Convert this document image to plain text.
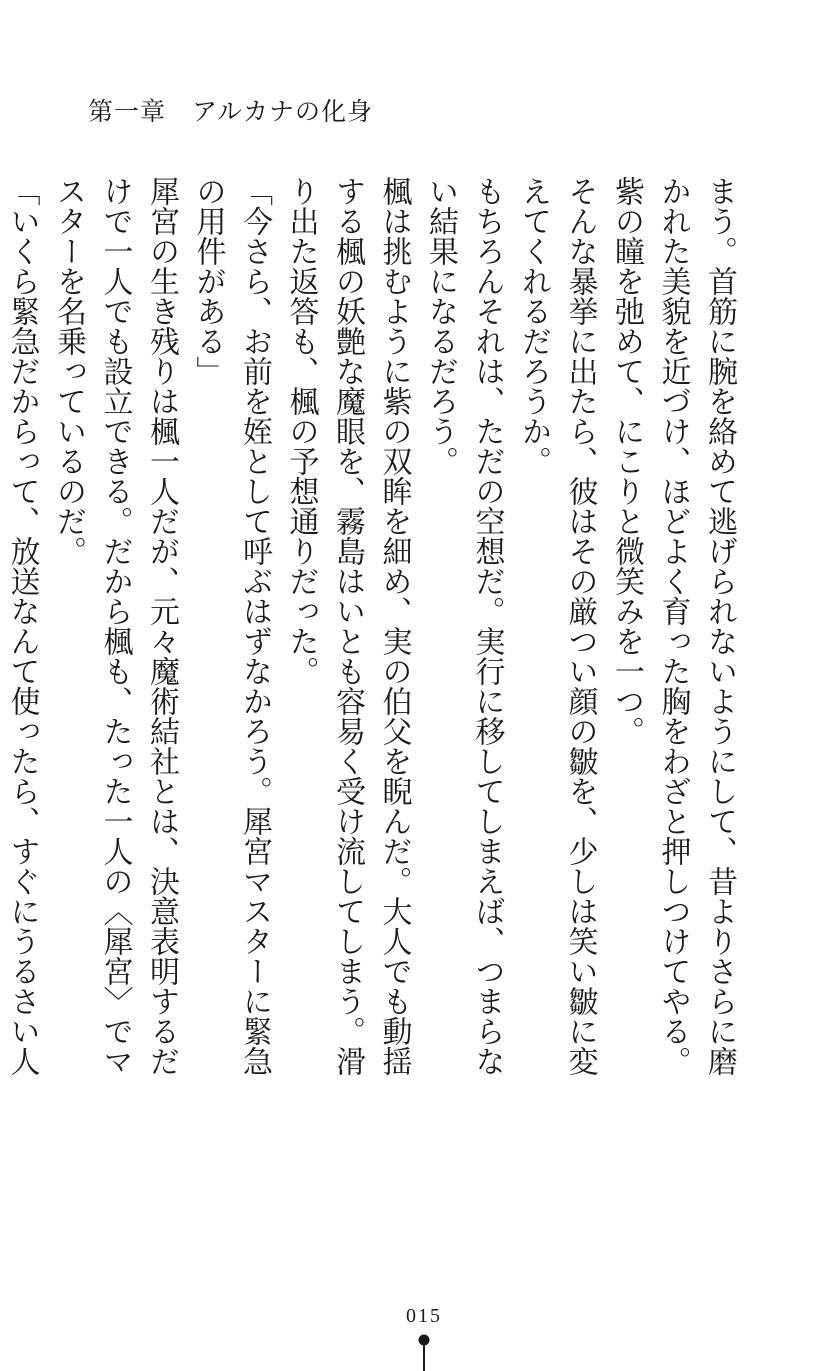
第一章　アルカナの化身

まう。首筋に腕を絡めて逃げられないようにして、昔よりさらに磨かれた美貌を近づけ、ほどよく育った胸をわざと押しつけてやる。紫の瞳を弛めて、にこりと微笑みを一つ。

そんな暴挙に出たら、彼はその厳つい顔の皺を、少しは笑い皺に変えてくれるだろうか。

もちろんそれは、ただの空想だ。実行に移してしまえば、つまらない結果になるだろう。

楓は挑むように紫の双眸を細め、実の伯父を睨んだ。大人でも動揺する楓の妖艶な魔眼を、霧島はいとも容易く受け流してしまう。滑り出た返答も、楓の予想通りだった。

「今さら、お前を姪として呼ぶはずなかろう。犀宮マスターに緊急の用件がある」

犀宮の生き残りは楓一人だが、元々魔術結社とは、決意表明するだけで一人でも設立できる。だから楓も、たった一人の〈犀宮〉でマスターを名乗っているのだ。

「いくら緊急だからって、放送なんて使ったら、すぐにうるさい人

015
